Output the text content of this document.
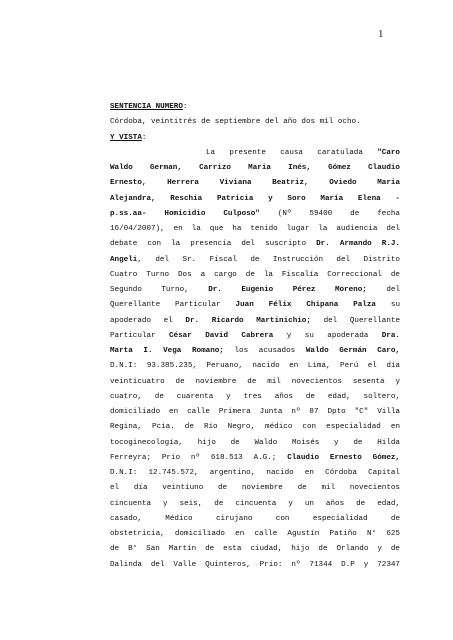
1
SENTENCIA NUMERO:
Córdoba, veintitrés de septiembre del año dos mil ocho.
Y VISTA:
La presente causa caratulada "Caro
Waldo German, Carrizo Maria Inés, Gómez Claudio
Ernesto, Herrera Viviana Beatriz, Oviedo Maria
Alejandra, Reschia Patricia y Soro María Elena -
p.ss.aa- Homicidio Culposo" (Nº 59400 de fecha
16/04/2007), en la que ha tenido lugar la audiencia del
debate con la presencia del suscripto Dr. Armando R.J.
Angeli, del Sr. Fiscal de Instrucción del Distrito
Cuatro Turno Dos a cargo de la Fiscalía Correccional de
Segundo Turno, Dr. Eugenio Pérez Moreno; del
Querellante Particular Juan Félix Chipana Palza su
apoderado el Dr. Ricardo Martinichio; del Querellante
Particular César David Cabrera y su apoderada Dra.
Marta I. Vega Romano; los acusados Waldo Germán Caro,
D.N.I: 93.385.235, Peruano, nacido en Lima, Perú el día
veinticuatro de noviembre de mil novecientos sesenta y
cuatro, de cuarenta y tres años de edad, soltero,
domiciliado en calle Primera Junta nº 87 Dpto "C" Villa
Regina, Pcia. de Río Negro, médico con especialidad en
tocoginecología, hijo de Waldo Moisés y de Hilda
Ferreyra; Prio nº 618.513 A.G.; Claudio Ernesto Gómez,
D.N.I: 12.745.572, argentino, nacido en Córdoba Capital
el día veintiuno de noviembre de mil novecientos
cincuenta y seis, de cincuenta y un años de edad,
casado, Médico cirujano con especialidad de
obstetricia, domiciliado en calle Agustín Patiño N° 625
de B° San Martín de esta ciudad, hijo de Orlando y de
Dalinda del Valle Quinteros, Prio: nº 71344 D.P y 72347
